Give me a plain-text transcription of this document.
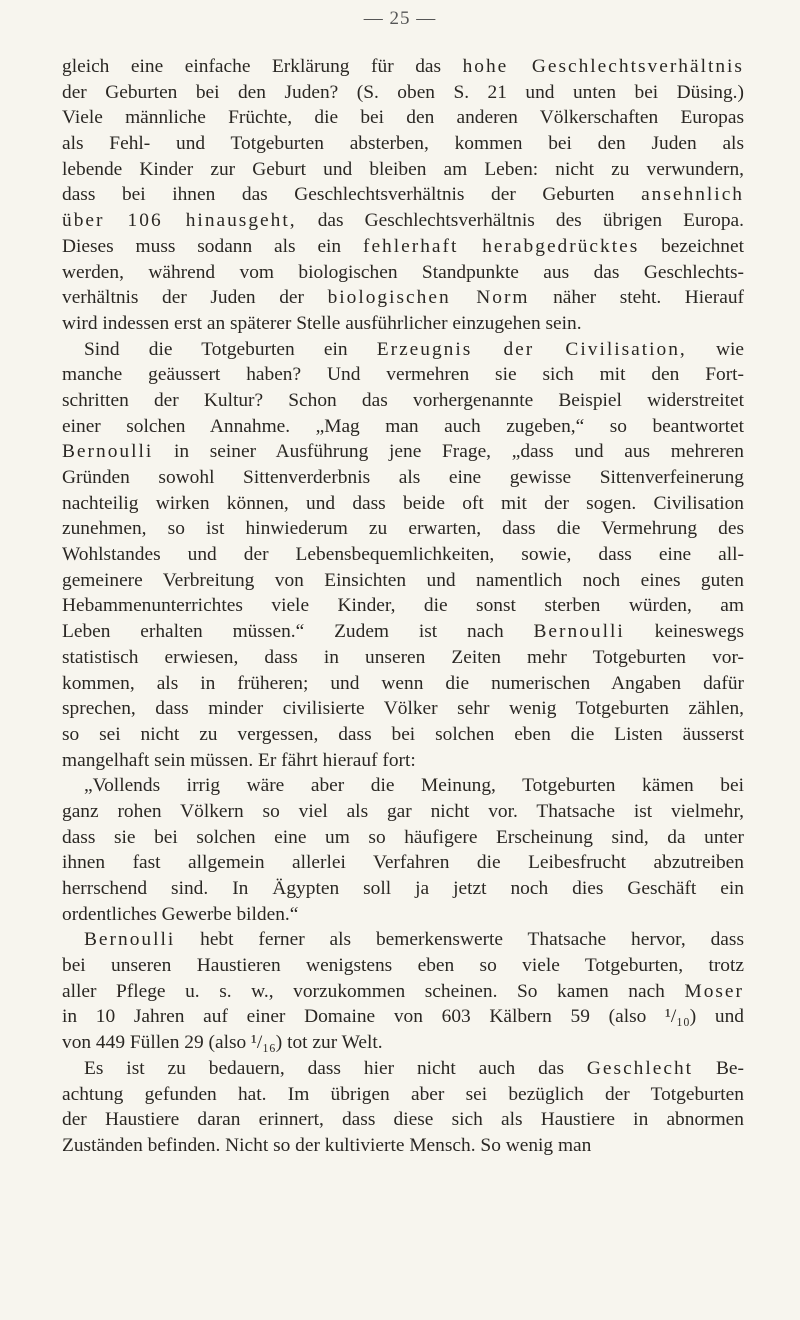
— 25 —
gleich eine einfache Erklärung für das hohe Geschlechtsverhältnis
der Geburten bei den Juden? (S. oben S. 21 und unten bei Düsing.)
Viele männliche Früchte, die bei den anderen Völkerschaften Europas
als Fehl- und Totgeburten absterben, kommen bei den Juden als
lebende Kinder zur Geburt und bleiben am Leben: nicht zu verwundern,
dass bei ihnen das Geschlechtsverhältnis der Geburten ansehnlich
über 106 hinausgeht, das Geschlechtsverhältnis des übrigen Europa.
Dieses muss sodann als ein fehlerhaft herabgedrücktes bezeichnet
werden, während vom biologischen Standpunkte aus das Geschlechts-
verhältnis der Juden der biologischen Norm näher steht. Hierauf
wird indessen erst an späterer Stelle ausführlicher einzugehen sein.
Sind die Totgeburten ein Erzeugnis der Civilisation, wie
manche geäussert haben? Und vermehren sie sich mit den Fort-
schritten der Kultur? Schon das vorhergenannte Beispiel widerstreitet
einer solchen Annahme. „Mag man auch zugeben,“ so beantwortet
Bernoulli in seiner Ausführung jene Frage, „dass und aus mehreren
Gründen sowohl Sittenverderbnis als eine gewisse Sittenverfeinerung
nachteilig wirken können, und dass beide oft mit der sogen. Civilisation
zunehmen, so ist hinwiederum zu erwarten, dass die Vermehrung des
Wohlstandes und der Lebensbequemlichkeiten, sowie, dass eine all-
gemeinere Verbreitung von Einsichten und namentlich noch eines guten
Hebammenunterrichtes viele Kinder, die sonst sterben würden, am
Leben erhalten müssen.“ Zudem ist nach Bernoulli keineswegs
statistisch erwiesen, dass in unseren Zeiten mehr Totgeburten vor-
kommen, als in früheren; und wenn die numerischen Angaben dafür
sprechen, dass minder civilisierte Völker sehr wenig Totgeburten zählen,
so sei nicht zu vergessen, dass bei solchen eben die Listen äusserst
mangelhaft sein müssen. Er fährt hierauf fort:
„Vollends irrig wäre aber die Meinung, Totgeburten kämen bei
ganz rohen Völkern so viel als gar nicht vor. Thatsache ist vielmehr,
dass sie bei solchen eine um so häufigere Erscheinung sind, da unter
ihnen fast allgemein allerlei Verfahren die Leibesfrucht abzutreiben
herrschend sind. In Ägypten soll ja jetzt noch dies Geschäft ein
ordentliches Gewerbe bilden.“
Bernoulli hebt ferner als bemerkenswerte Thatsache hervor, dass
bei unseren Haustieren wenigstens eben so viele Totgeburten, trotz
aller Pflege u. s. w., vorzukommen scheinen. So kamen nach Moser
in 10 Jahren auf einer Domaine von 603 Kälbern 59 (also ¹/₁₀) und
von 449 Füllen 29 (also ¹/₁₆) tot zur Welt.
Es ist zu bedauern, dass hier nicht auch das Geschlecht Be-
achtung gefunden hat. Im übrigen aber sei bezüglich der Totgeburten
der Haustiere daran erinnert, dass diese sich als Haustiere in abnormen
Zuständen befinden. Nicht so der kultivierte Mensch. So wenig man
